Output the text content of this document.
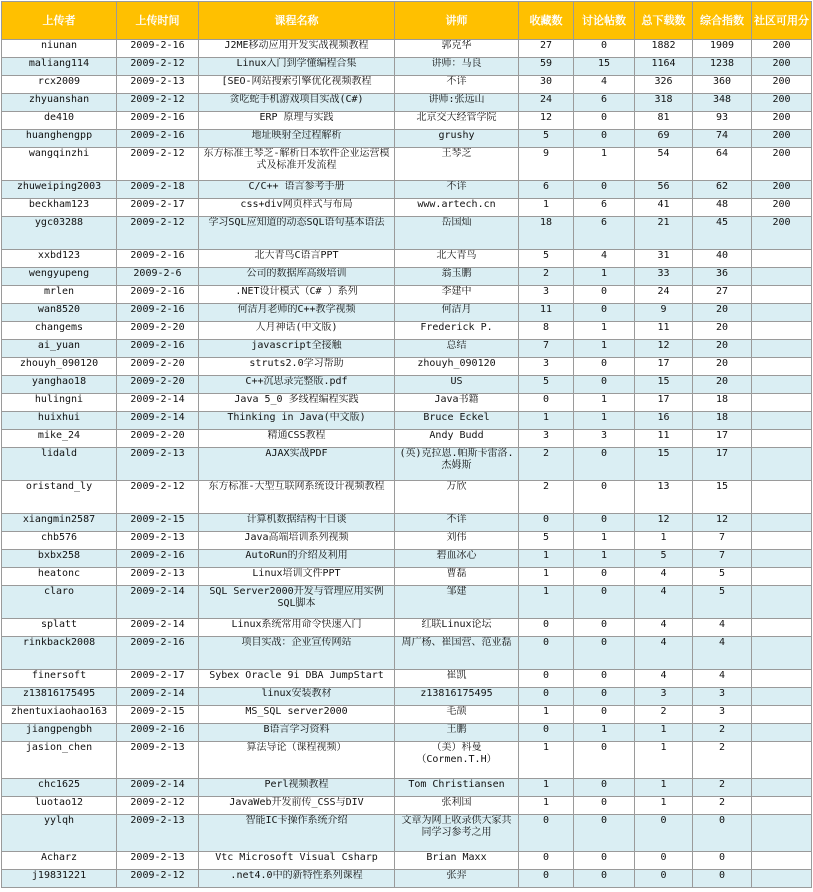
上传者	上传时间	课程名称	讲师	收藏数	讨论帖数	总下载数	综合指数	社区可用分
niunan	2009-2-16	J2ME移动应用开发实战视频教程	郭克华	27	0	1882	1909	200
maliang114	2009-2-12	Linux入门到学懂编程合集	讲师：马良	59	15	1164	1238	200
rcx2009	2009-2-13	[SEO-网站搜索引擎优化视频教程	不详	30	4	326	360	200
zhyuanshan	2009-2-12	贪吃蛇手机游戏项目实战(C#)	讲师:张远山	24	6	318	348	200
de410	2009-2-16	ERP 原理与实践	北京交大经管学院	12	0	81	93	200
huanghengpp	2009-2-16	地址映射全过程解析	grushy	5	0	69	74	200
wangqinzhi	2009-2-12	东方标准王琴芝-解析日本软件企业运营模式及标准开发流程	王琴芝	9	1	54	64	200
zhuweiping2003	2009-2-18	C/C++ 语言参考手册	不详	6	0	56	62	200
beckham123	2009-2-17	css+div网页样式与布局	www.artech.cn	1	6	41	48	200
ygc03288	2009-2-12	学习SQL应知道的动态SQL语句基本语法	岳国灿	18	6	21	45	200
xxbd123	2009-2-16	北大青鸟C语言PPT	北大青鸟	5	4	31	40	
wengyupeng	2009-2-6	公司的数据库高级培训	翁玉鹏	2	1	33	36	
mrlen	2009-2-16	.NET设计模式（C# ）系列	李建中	3	0	24	27	
wan8520	2009-2-16	何洁月老师的C++教学视频	何洁月	11	0	9	20	
changems	2009-2-20	人月神话(中文版)	Frederick P.	8	1	11	20	
ai_yuan	2009-2-16	javascript全接触	总结	7	1	12	20	
zhouyh_090120	2009-2-20	struts2.0学习帮助	zhouyh_090120	3	0	17	20	
yanghao18	2009-2-20	C++沉思录完整版.pdf	US	5	0	15	20	
hulingni	2009-2-14	Java 5_0 多线程编程实践	Java书籍	0	1	17	18	
huixhui	2009-2-14	Thinking in Java(中文版)	Bruce Eckel	1	1	16	18	
mike_24	2009-2-20	精通CSS教程	Andy Budd	3	3	11	17	
lidald	2009-2-13	AJAX实战PDF	(英)克拉恩.帕斯卡雷洛.杰姆斯	2	0	15	17	
oristand_ly	2009-2-12	东方标准-大型互联网系统设计视频教程	万欣	2	0	13	15	
xiangmin2587	2009-2-15	计算机数据结构十日谈	不详	0	0	12	12	
chb576	2009-2-13	Java高端培训系列视频	刘伟	5	1	1	7	
bxbx258	2009-2-16	AutoRun的介绍及利用	碧血冰心	1	1	5	7	
heatonc	2009-2-13	Linux培训文件PPT	曹磊	1	0	4	5	
claro	2009-2-14	SQL Server2000开发与管理应用实例SQL脚本	邹建	1	0	4	5	
splatt	2009-2-14	Linux系统常用命令快速入门	红联Linux论坛	0	0	4	4	
rinkback2008	2009-2-16	项目实战：企业宣传网站	周广杨、崔国营、范业磊	0	0	4	4	
finersoft	2009-2-17	Sybex Oracle 9i DBA JumpStart	崔凯	0	0	4	4	
z13816175495	2009-2-14	linux安装教材	z13816175495	0	0	3	3	
zhentuxiaohao163	2009-2-15	MS_SQL server2000	毛颉	1	0	2	3	
jiangpengbh	2009-2-16	B语言学习资料	王鹏	0	1	1	2	
jasion_chen	2009-2-13	算法导论（课程视频）	（美）科曼（Cormen.T.H）	1	0	1	2	
chc1625	2009-2-14	Perl视频教程	Tom Christiansen	1	0	1	2	
luotao12	2009-2-12	JavaWeb开发前传_CSS与DIV	张利国	1	0	1	2	
yylqh	2009-2-13	智能IC卡操作系统介绍	文章为网上收录供大家共同学习参考之用	0	0	0	0	
Acharz	2009-2-13	Vtc Microsoft Visual Csharp	Brian Maxx	0	0	0	0	
j19831221	2009-2-12	.net4.0中的新特性系列课程	张羿	0	0	0	0	
